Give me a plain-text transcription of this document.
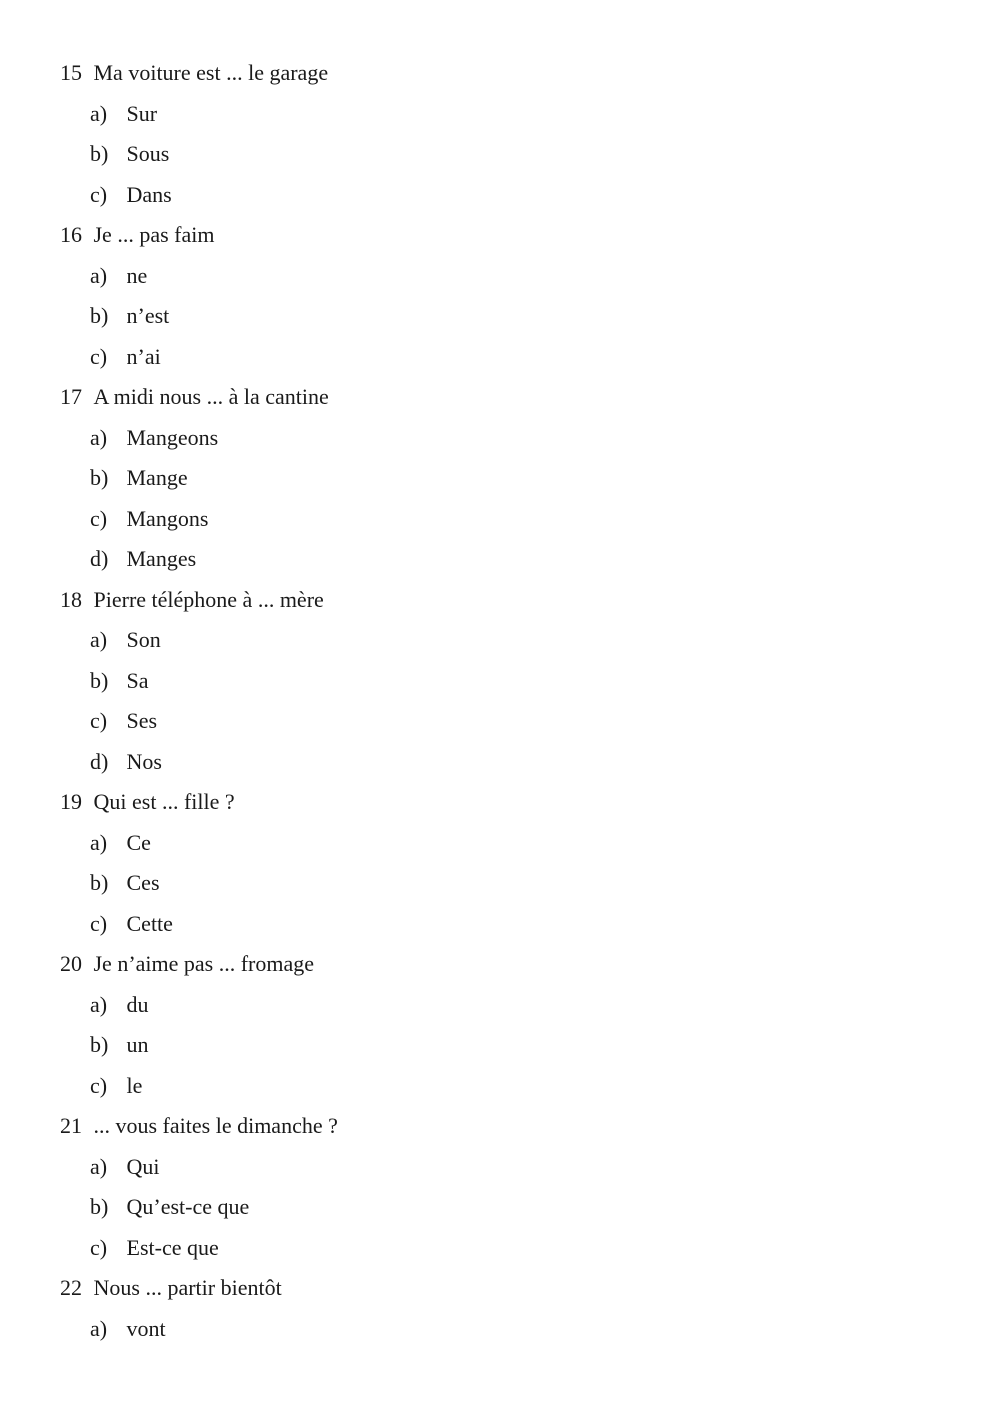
15 Ma voiture est ... le garage
a) Sur
b) Sous
c) Dans
16 Je ... pas faim
a) ne
b) n’est
c) n’ai
17 A midi nous ... à la cantine
a) Mangeons
b) Mange
c) Mangons
d) Manges
18 Pierre téléphone à ... mère
a) Son
b) Sa
c) Ses
d) Nos
19 Qui est ... fille ?
a) Ce
b) Ces
c) Cette
20 Je n’aime pas ... fromage
a) du
b) un
c) le
21 ... vous faites le dimanche ?
a) Qui
b) Qu’est-ce que
c) Est-ce que
22 Nous ... partir bientôt
a) vont
